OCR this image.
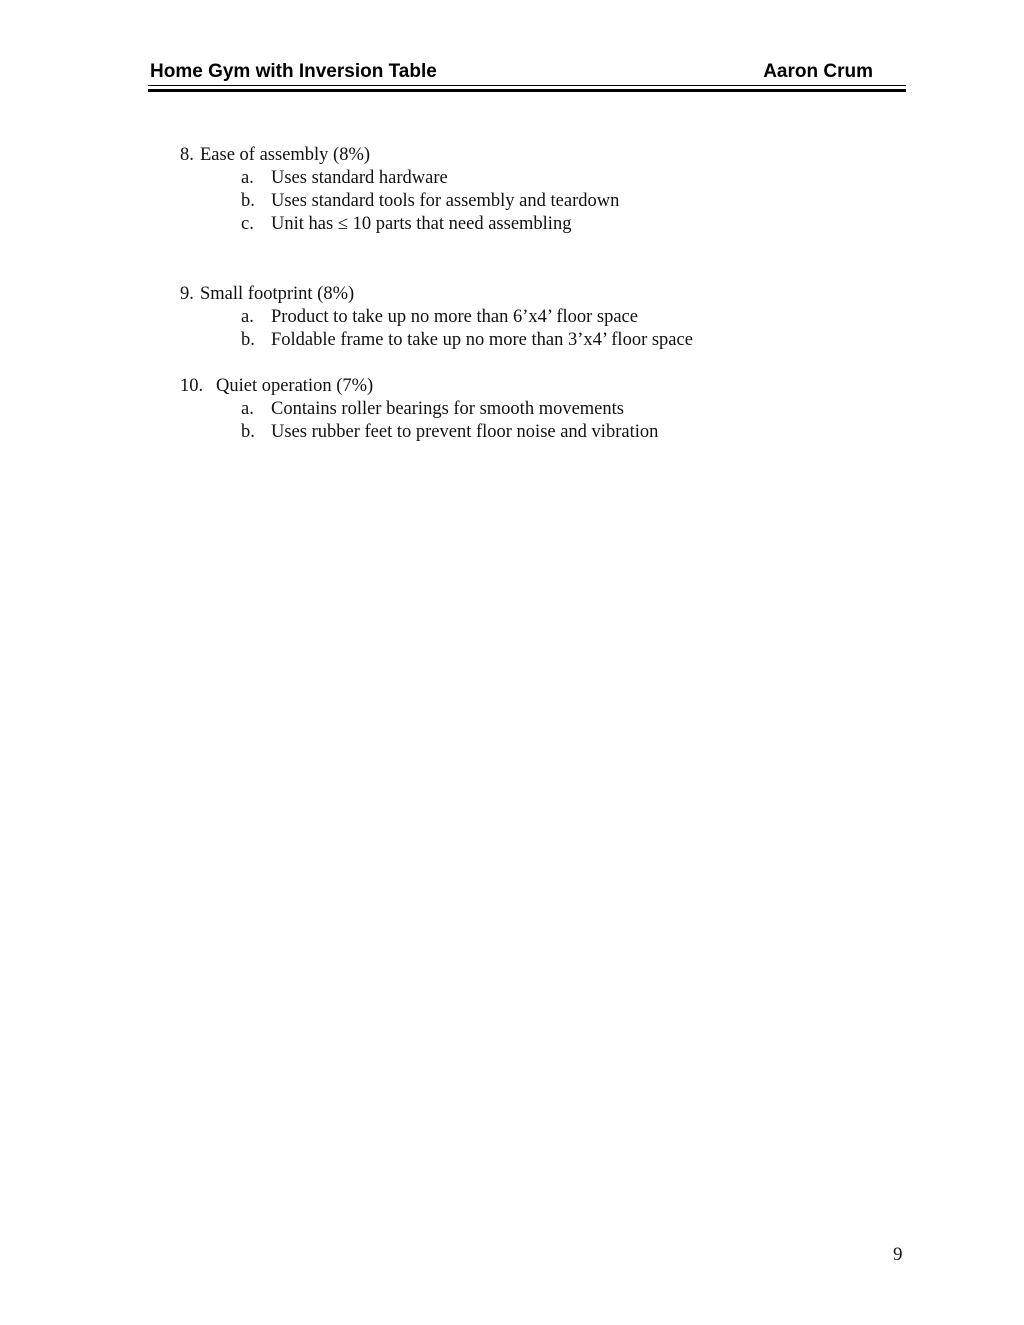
Home Gym with Inversion Table	Aaron Crum
8. Ease of assembly (8%)
a. Uses standard hardware
b. Uses standard tools for assembly and teardown
c. Unit has ≤ 10 parts that need assembling
9. Small footprint (8%)
a. Product to take up no more than 6’x4’ floor space
b. Foldable frame to take up no more than 3’x4’ floor space
10. Quiet operation (7%)
a. Contains roller bearings for smooth movements
b. Uses rubber feet to prevent floor noise and vibration
9
